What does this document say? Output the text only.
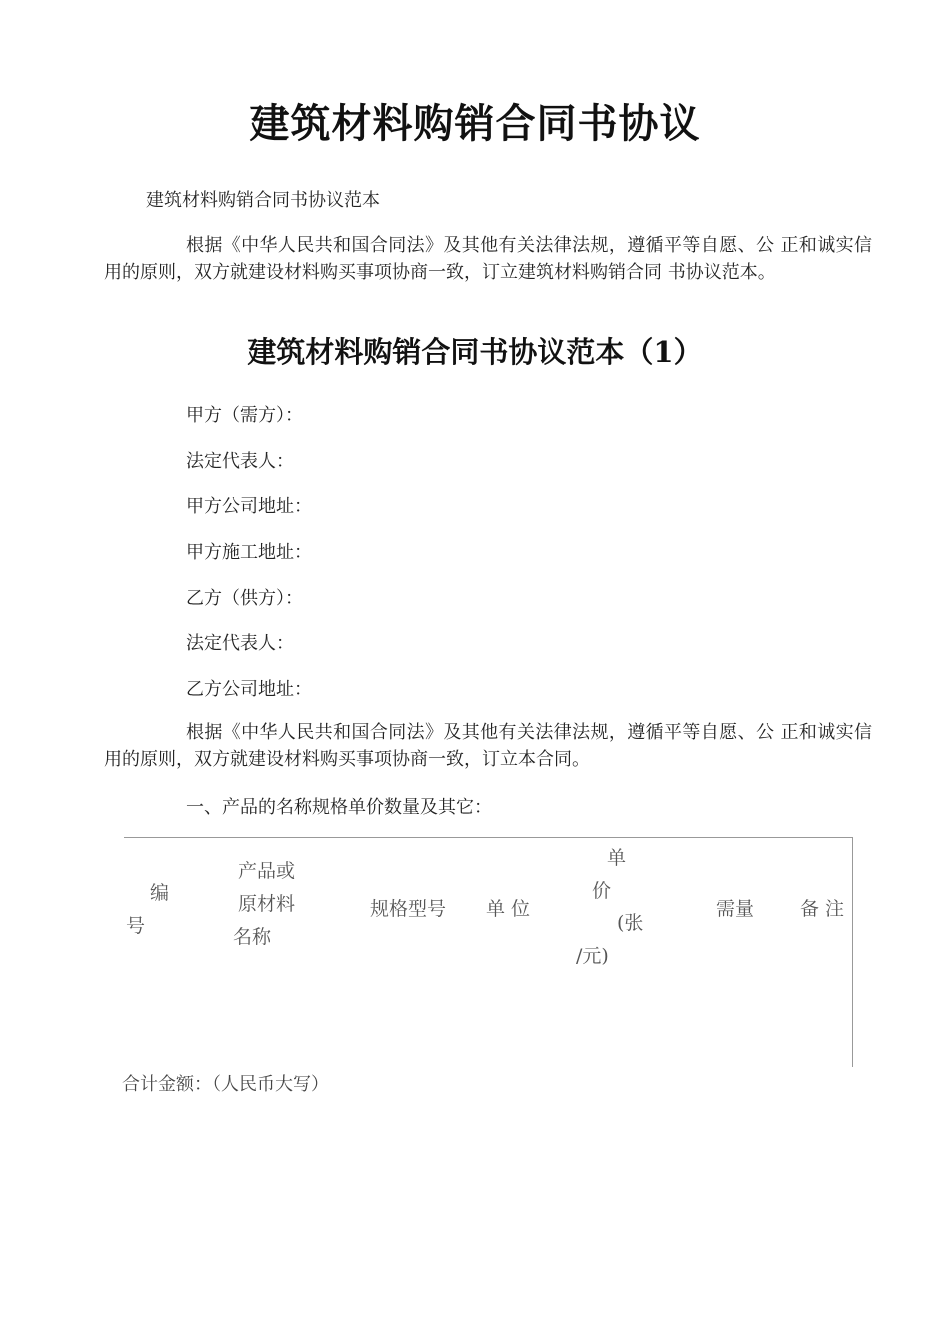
建筑材料购销合同书协议
建筑材料购销合同书协议范本
根据《中华人民共和国合同法》及其他有关法律法规，遵循平等自愿、公 正和诚实信用的原则，双方就建设材料购买事项协商一致，订立建筑材料购销合同 书协议范本。
建筑材料购销合同书协议范本（1）
甲方（需方）：
法定代表人：
甲方公司地址：
甲方施工地址：
乙方（供方）：
法定代表人：
乙方公司地址：
根据《中华人民共和国合同法》及其他有关法律法规，遵循平等自愿、公 正和诚实信用的原则，双方就建设材料购买事项协商一致，订立本合同。
一、产品的名称规格单价数量及其它：
编
号
产品或
原材料
名称
规格型号 单 位
单
价
(张
/元)
需量 备 注
合计金额：（人民币大写）
